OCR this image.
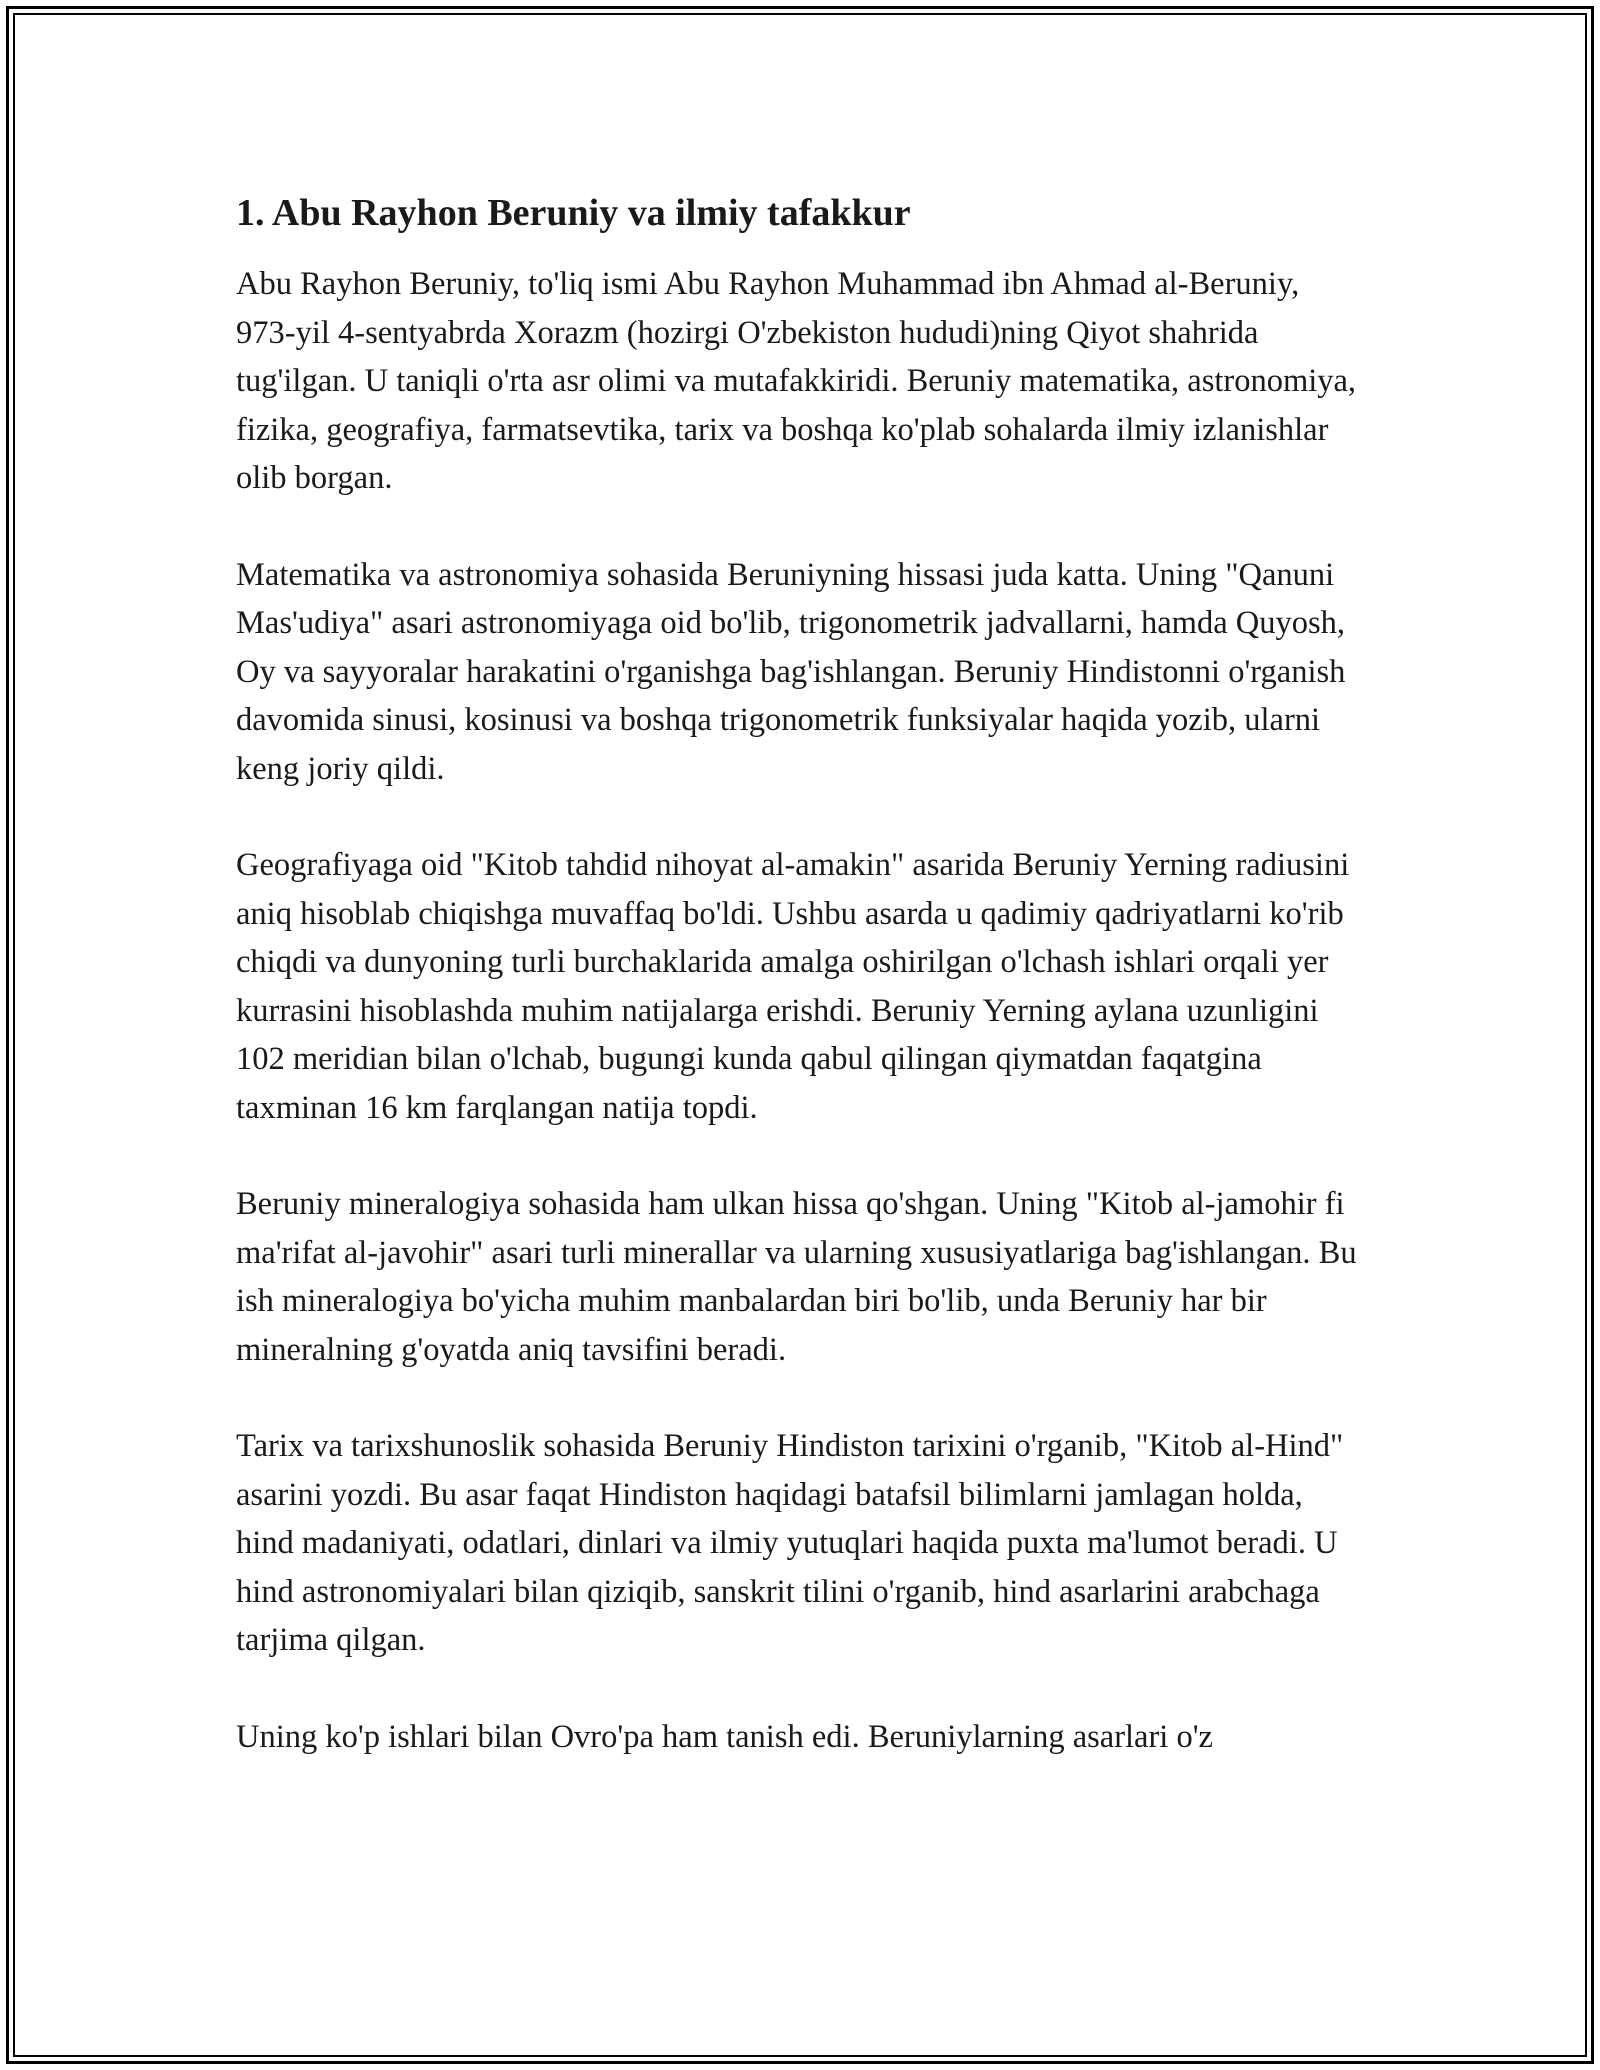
1. Abu Rayhon Beruniy va ilmiy tafakkur

Abu Rayhon Beruniy, to'liq ismi Abu Rayhon Muhammad ibn Ahmad al-Beruniy, 973-yil 4-sentyabrda Xorazm (hozirgi O'zbekiston hududi)ning Qiyot shahrida tug'ilgan. U taniqli o'rta asr olimi va mutafakkiridi. Beruniy matematika, astronomiya, fizika, geografiya, farmatsevtika, tarix va boshqa ko'plab sohalarda ilmiy izlanishlar olib borgan.

Matematika va astronomiya sohasida Beruniyning hissasi juda katta. Uning "Qanuni Mas'udiya" asari astronomiyaga oid bo'lib, trigonometrik jadvallarni, hamda Quyosh, Oy va sayyoralar harakatini o'rganishga bag'ishlangan. Beruniy Hindistonni o'rganish davomida sinusi, kosinusi va boshqa trigonometrik funksiyalar haqida yozib, ularni keng joriy qildi.

Geografiyaga oid "Kitob tahdid nihoyat al-amakin" asarida Beruniy Yerning radiusini aniq hisoblab chiqishga muvaffaq bo'ldi. Ushbu asarda u qadimiy qadriyatlarni ko'rib chiqdi va dunyoning turli burchaklarida amalga oshirilgan o'lchash ishlari orqali yer kurrasini hisoblashda muhim natijalarga erishdi. Beruniy Yerning aylana uzunligini 102 meridian bilan o'lchab, bugungi kunda qabul qilingan qiymatdan faqatgina taxminan 16 km farqlangan natija topdi.

Beruniy mineralogiya sohasida ham ulkan hissa qo'shgan. Uning "Kitob al-jamohir fi ma'rifat al-javohir" asari turli minerallar va ularning xususiyatlariga bag'ishlangan. Bu ish mineralogiya bo'yicha muhim manbalardan biri bo'lib, unda Beruniy har bir mineralning g'oyatda aniq tavsifini beradi.

Tarix va tarixshunoslik sohasida Beruniy Hindiston tarixini o'rganib, "Kitob al-Hind" asarini yozdi. Bu asar faqat Hindiston haqidagi batafsil bilimlarni jamlagan holda, hind madaniyati, odatlari, dinlari va ilmiy yutuqlari haqida puxta ma'lumot beradi. U hind astronomiyalari bilan qiziqib, sanskrit tilini o'rganib, hind asarlarini arabchaga tarjima qilgan.

Uning ko'p ishlari bilan Ovro'pa ham tanish edi. Beruniylarning asarlari o'z
